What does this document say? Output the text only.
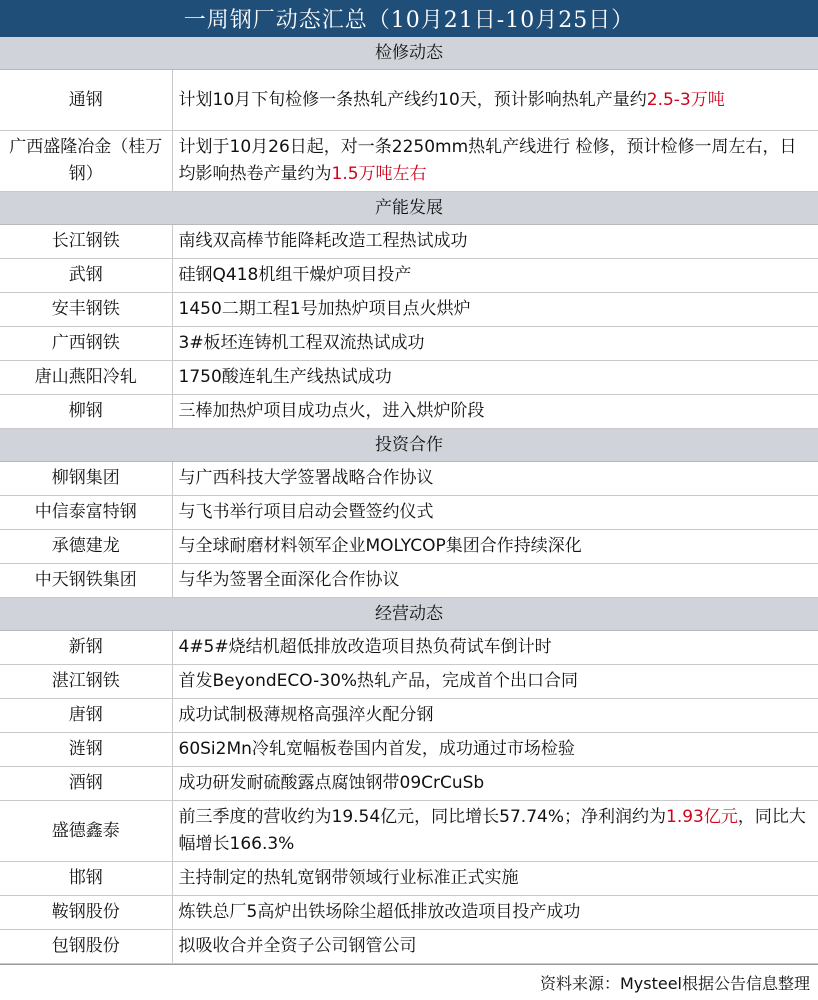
一周钢厂动态汇总（10月21日-10月25日）
检修动态	
通钢	计划10月下旬检修一条热轧产线约10天，预计影响热轧产量约2.5-3万吨
广西盛隆冶金（桂万钢）	计划于10月26日起，对一条2250mm热轧产线进行 检修，预计检修一周左右，日均影响热卷产量约为1.5万吨左右
产能发展	
长江钢铁	南线双高棒节能降耗改造工程热试成功
武钢	硅钢Q418机组干燥炉项目投产
安丰钢铁	1450二期工程1号加热炉项目点火烘炉
广西钢铁	3#板坯连铸机工程双流热试成功
唐山燕阳冷轧	1750酸连轧生产线热试成功
柳钢	三棒加热炉项目成功点火，进入烘炉阶段
投资合作	
柳钢集团	与广西科技大学签署战略合作协议
中信泰富特钢	与飞书举行项目启动会暨签约仪式
承德建龙	与全球耐磨材料领军企业MOLYCOP集团合作持续深化
中天钢铁集团	与华为签署全面深化合作协议
经营动态	
新钢	4#5#烧结机超低排放改造项目热负荷试车倒计时
湛江钢铁	首发BeyondECO-30%热轧产品，完成首个出口合同
唐钢	成功试制极薄规格高强淬火配分钢
涟钢	60Si2Mn冷轧宽幅板卷国内首发，成功通过市场检验
酒钢	成功研发耐硫酸露点腐蚀钢带09CrCuSb
盛德鑫泰	前三季度的营收约为19.54亿元，同比增长57.74%；净利润约为1.93亿元，同比大幅增长166.3%
邯钢	主持制定的热轧宽钢带领域行业标准正式实施
鞍钢股份	炼铁总厂5高炉出铁场除尘超低排放改造项目投产成功
包钢股份	拟吸收合并全资子公司钢管公司
资料来源：Mysteel根据公告信息整理
